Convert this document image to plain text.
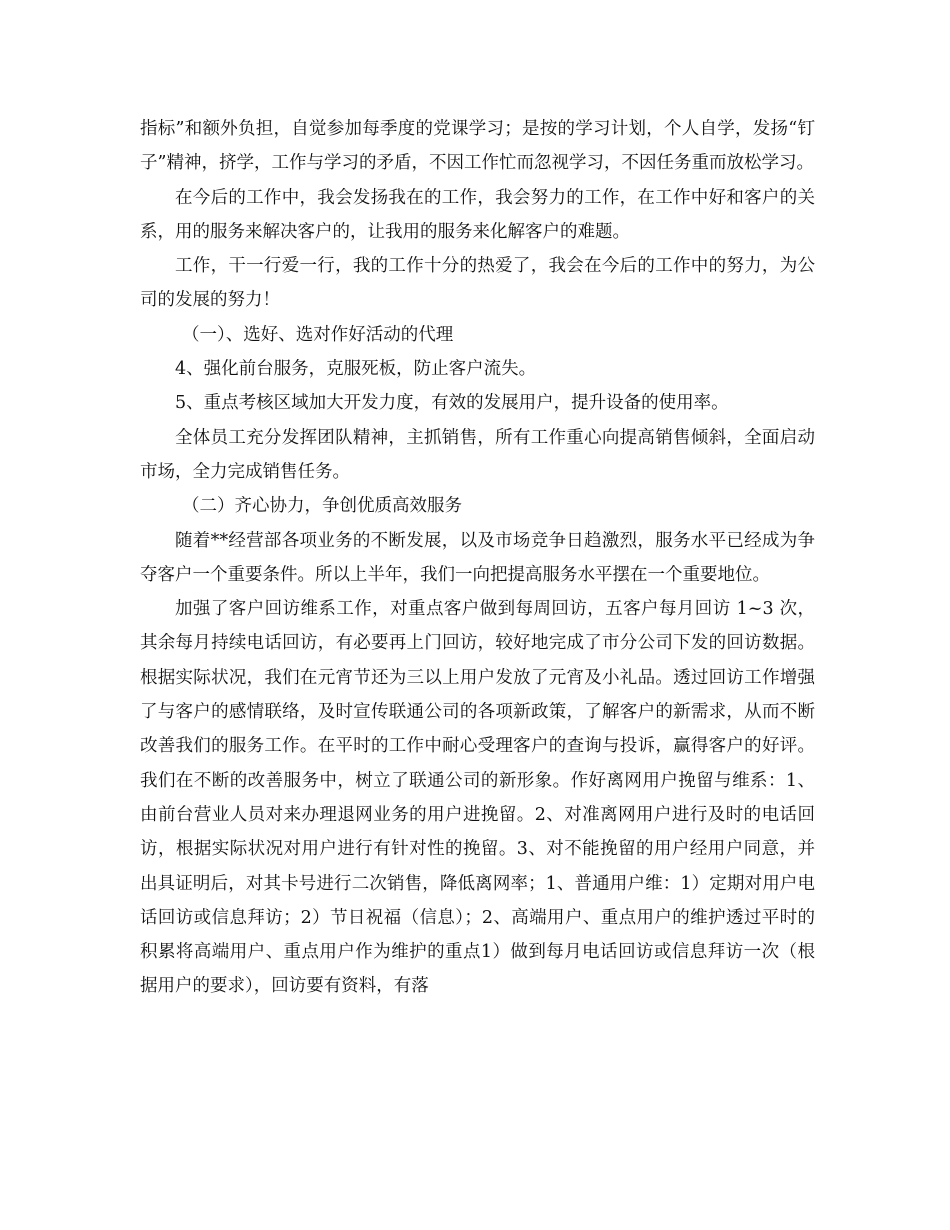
指标”和额外负担，自觉参加每季度的党课学习；是按的学习计划，个人自学，发扬“钉子”精神，挤学，工作与学习的矛盾，不因工作忙而忽视学习，不因任务重而放松学习。

在今后的工作中，我会发扬我在的工作，我会努力的工作，在工作中好和客户的关系，用的服务来解决客户的，让我用的服务来化解客户的难题。

工作，干一行爱一行，我的工作十分的热爱了，我会在今后的工作中的努力，为公司的发展的努力！

（一）、选好、选对作好活动的代理

4、强化前台服务，克服死板，防止客户流失。

5、重点考核区域加大开发力度，有效的发展用户，提升设备的使用率。

全体员工充分发挥团队精神，主抓销售，所有工作重心向提高销售倾斜，全面启动市场，全力完成销售任务。

（二）齐心协力，争创优质高效服务

随着**经营部各项业务的不断发展，以及市场竞争日趋激烈，服务水平已经成为争夺客户一个重要条件。所以上半年，我们一向把提高服务水平摆在一个重要地位。

加强了客户回访维系工作，对重点客户做到每周回访，五客户每月回访 1~3 次，其余每月持续电话回访，有必要再上门回访，较好地完成了市分公司下发的回访数据。根据实际状况，我们在元宵节还为三以上用户发放了元宵及小礼品。透过回访工作增强了与客户的感情联络，及时宣传联通公司的各项新政策，了解客户的新需求，从而不断改善我们的服务工作。在平时的工作中耐心受理客户的查询与投诉，赢得客户的好评。我们在不断的改善服务中，树立了联通公司的新形象。作好离网用户挽留与维系：1、由前台营业人员对来办理退网业务的用户进挽留。2、对准离网用户进行及时的电话回访，根据实际状况对用户进行有针对性的挽留。3、对不能挽留的用户经用户同意，并出具证明后，对其卡号进行二次销售，降低离网率；1、普通用户维：1）定期对用户电话回访或信息拜访；2）节日祝福（信息）；2、高端用户、重点用户的维护透过平时的积累将高端用户、重点用户作为维护的重点1）做到每月电话回访或信息拜访一次（根据用户的要求），回访要有资料，有落
